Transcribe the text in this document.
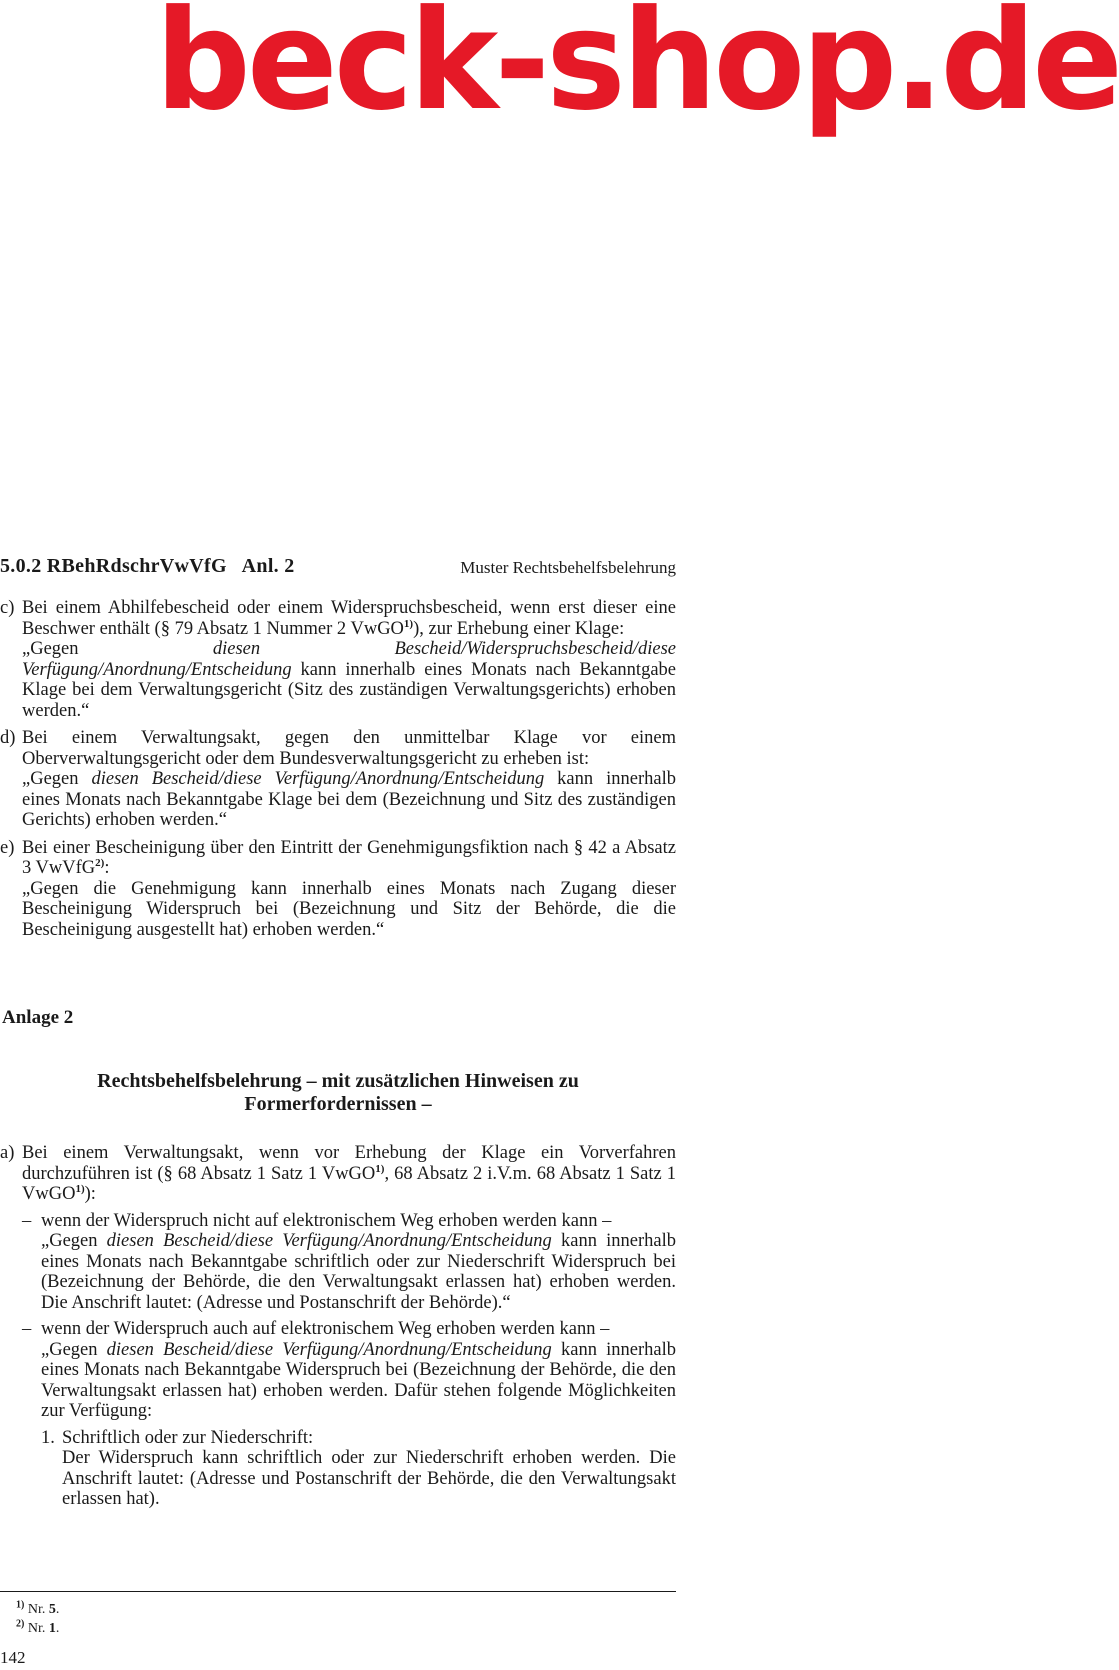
beck-shop.de
5.0.2 RBehRdschrVwVfG   Anl. 2	Muster Rechtsbehelfsbelehrung
c) Bei einem Abhilfebescheid oder einem Widerspruchsbescheid, wenn erst dieser eine Beschwer enthält (§ 79 Absatz 1 Nummer 2 VwGO$^{1)}$), zur Erhebung einer Klage:

„Gegen diesen Bescheid/Widerspruchsbescheid/diese Verfügung/Anordnung/Entscheidung kann innerhalb eines Monats nach Bekanntgabe Klage bei dem Verwaltungsgericht (Sitz des zuständigen Verwaltungsgerichts) erhoben werden.“

d) Bei einem Verwaltungsakt, gegen den unmittelbar Klage vor einem Oberverwaltungsgericht oder dem Bundesverwaltungsgericht zu erheben ist:

„Gegen diesen Bescheid/diese Verfügung/Anordnung/Entscheidung kann innerhalb eines Monats nach Bekanntgabe Klage bei dem (Bezeichnung und Sitz des zuständigen Gerichts) erhoben werden.“

e) Bei einer Bescheinigung über den Eintritt der Genehmigungsfiktion nach § 42 a Absatz 3 VwVfG$^{2)}$:

„Gegen die Genehmigung kann innerhalb eines Monats nach Zugang dieser Bescheinigung Widerspruch bei (Bezeichnung und Sitz der Behörde, die die Bescheinigung ausgestellt hat) erhoben werden.“

Anlage 2
Rechtsbehelfsbelehrung – mit zusätzlichen Hinweisen zu
Formerfordernissen –
a) Bei einem Verwaltungsakt, wenn vor Erhebung der Klage ein Vorverfahren durchzuführen ist (§ 68 Absatz 1 Satz 1 VwGO$^{1)}$, 68 Absatz 2 i.V.m. 68 Absatz 1 Satz 1 VwGO$^{1)}$):

– wenn der Widerspruch nicht auf elektronischem Weg erhoben werden kann –

„Gegen diesen Bescheid/diese Verfügung/Anordnung/Entscheidung kann innerhalb eines Monats nach Bekanntgabe schriftlich oder zur Niederschrift Widerspruch bei (Bezeichnung der Behörde, die den Verwaltungsakt erlassen hat) erhoben werden. Die Anschrift lautet: (Adresse und Postanschrift der Behörde).“

– wenn der Widerspruch auch auf elektronischem Weg erhoben werden kann –

„Gegen diesen Bescheid/diese Verfügung/Anordnung/Entscheidung kann innerhalb eines Monats nach Bekanntgabe Widerspruch bei (Bezeichnung der Behörde, die den Verwaltungsakt erlassen hat) erhoben werden. Dafür stehen folgende Möglichkeiten zur Verfügung:

1. Schriftlich oder zur Niederschrift:

Der Widerspruch kann schriftlich oder zur Niederschrift erhoben werden. Die Anschrift lautet: (Adresse und Postanschrift der Behörde, die den Verwaltungsakt erlassen hat).

$^{1)}$ Nr. 5.
$^{2)}$ Nr. 1.
142
